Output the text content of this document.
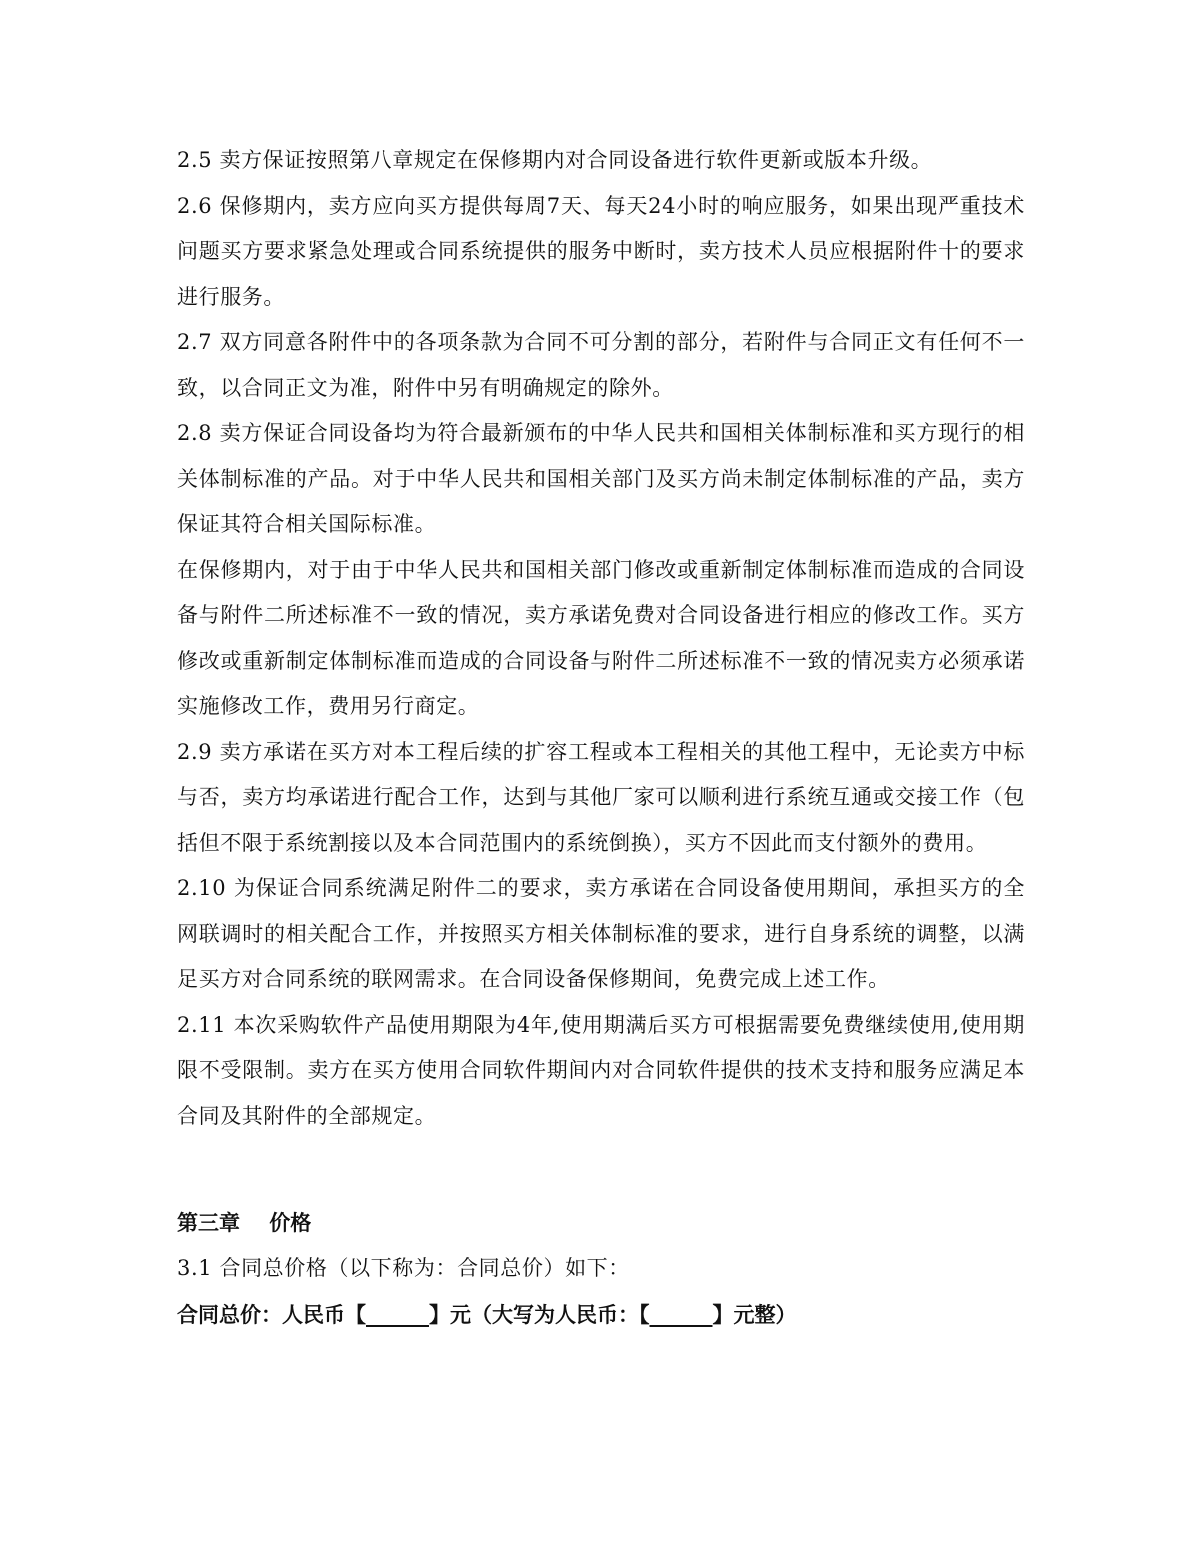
2.5 卖方保证按照第八章规定在保修期内对合同设备进行软件更新或版本升级。

2.6 保修期内，卖方应向买方提供每周7天、每天24小时的响应服务，如果出现严重技术问题买方要求紧急处理或合同系统提供的服务中断时，卖方技术人员应根据附件十的要求进行服务。

2.7 双方同意各附件中的各项条款为合同不可分割的部分，若附件与合同正文有任何不一致，以合同正文为准，附件中另有明确规定的除外。

2.8 卖方保证合同设备均为符合最新颁布的中华人民共和国相关体制标准和买方现行的相关体制标准的产品。对于中华人民共和国相关部门及买方尚未制定体制标准的产品，卖方保证其符合相关国际标准。

在保修期内，对于由于中华人民共和国相关部门修改或重新制定体制标准而造成的合同设备与附件二所述标准不一致的情况，卖方承诺免费对合同设备进行相应的修改工作。买方修改或重新制定体制标准而造成的合同设备与附件二所述标准不一致的情况卖方必须承诺实施修改工作，费用另行商定。

2.9 卖方承诺在买方对本工程后续的扩容工程或本工程相关的其他工程中，无论卖方中标与否，卖方均承诺进行配合工作，达到与其他厂家可以顺利进行系统互通或交接工作（包括但不限于系统割接以及本合同范围内的系统倒换），买方不因此而支付额外的费用。

2.10 为保证合同系统满足附件二的要求，卖方承诺在合同设备使用期间，承担买方的全网联调时的相关配合工作，并按照买方相关体制标准的要求，进行自身系统的调整，以满足买方对合同系统的联网需求。在合同设备保修期间，免费完成上述工作。

2.11 本次采购软件产品使用期限为4年,使用期满后买方可根据需要免费继续使用,使用期限不受限制。卖方在买方使用合同软件期间内对合同软件提供的技术支持和服务应满足本合同及其附件的全部规定。

第三章    价格

3.1 合同总价格（以下称为：合同总价）如下：

合同总价：人民币【______】元（大写为人民币：【______】元整）
